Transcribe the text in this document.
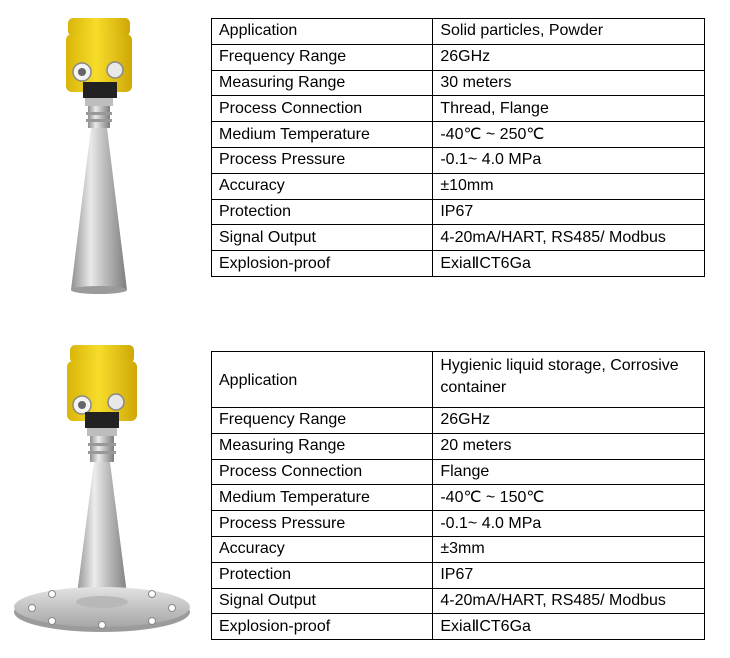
Application	Solid particles, Powder
Frequency Range	26GHz
Measuring Range	30 meters
Process Connection	Thread, Flange
Medium Temperature	-40℃ ~ 250℃
Process Pressure	-0.1~ 4.0 MPa
Accuracy	±10mm
Protection	IP67
Signal Output	4-20mA/HART, RS485/ Modbus
Explosion-proof	ExiaⅡCT6Ga
Application	Hygienic liquid storage, Corrosive container
Frequency Range	26GHz
Measuring Range	20 meters
Process Connection	Flange
Medium Temperature	-40℃ ~ 150℃
Process Pressure	-0.1~ 4.0 MPa
Accuracy	±3mm
Protection	IP67
Signal Output	4-20mA/HART, RS485/ Modbus
Explosion-proof	ExiaⅡCT6Ga
